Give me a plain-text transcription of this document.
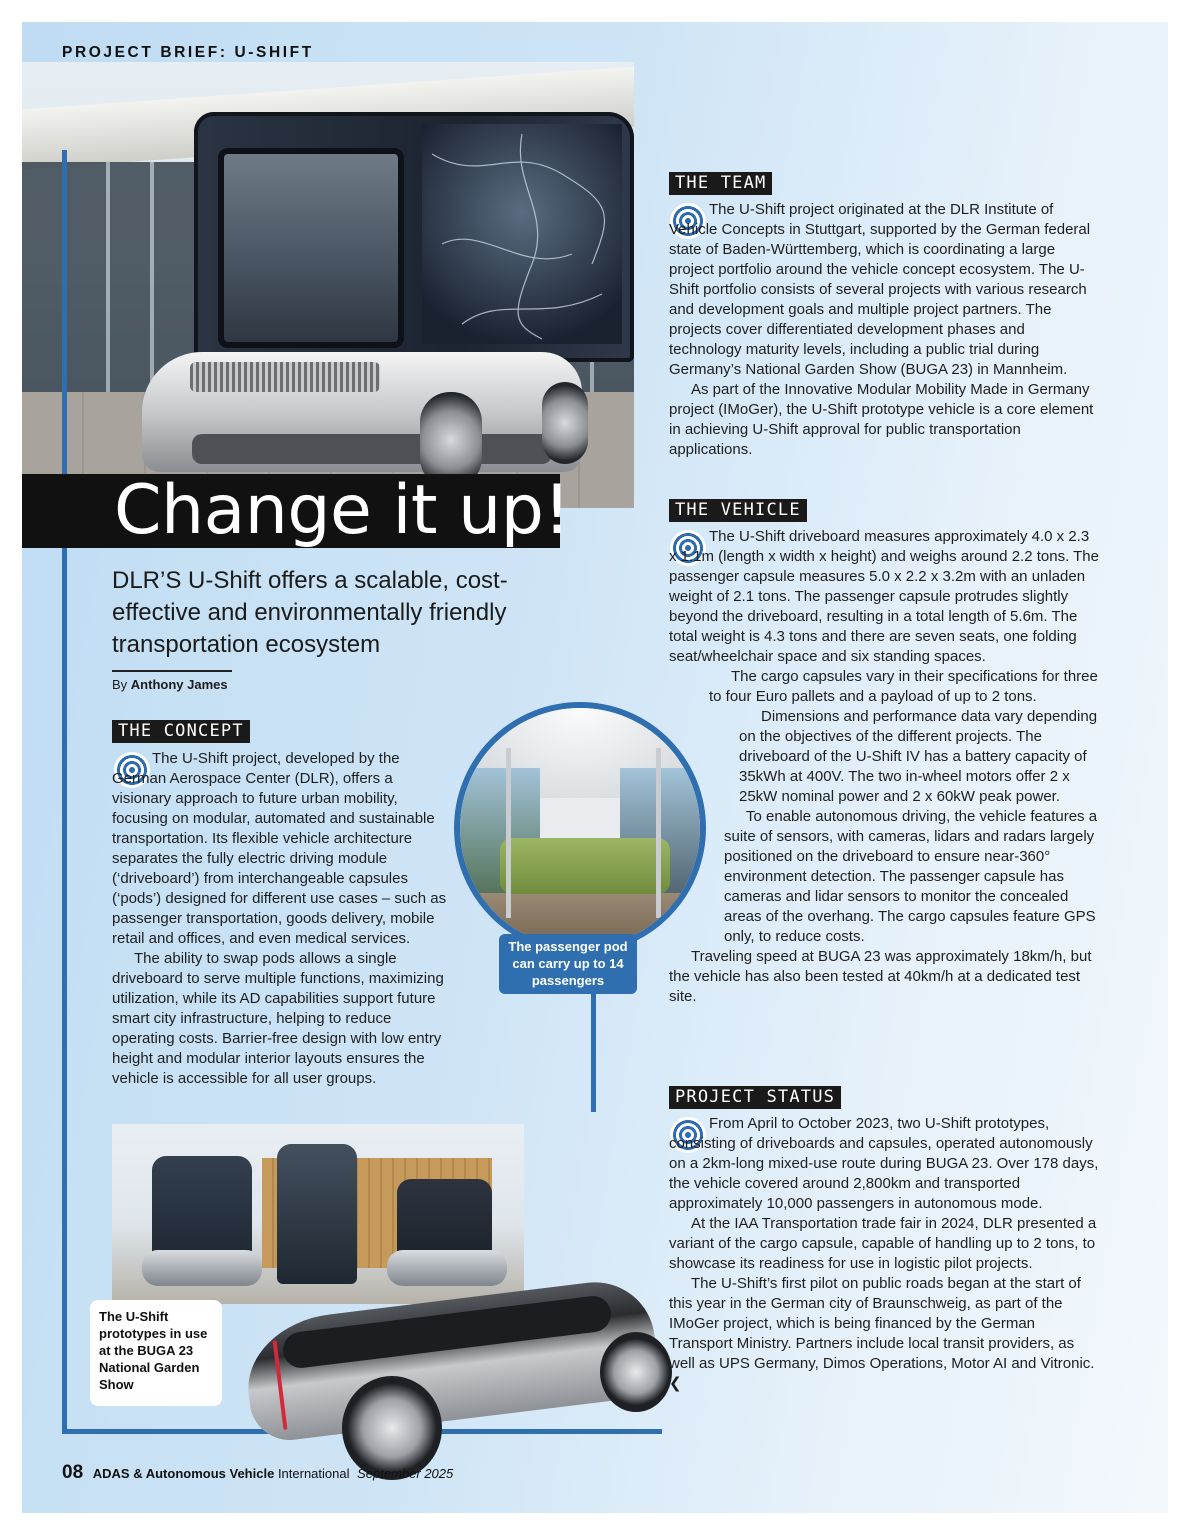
PROJECT BRIEF: U-SHIFT
Change it up!
DLR’S U-Shift offers a scalable, cost-effective and environmentally friendly transportation ecosystem
By Anthony James
THE CONCEPT

The U-Shift project, developed by the German Aerospace Center (DLR), offers a visionary approach to future urban mobility, focusing on modular, automated and sustainable transportation. Its flexible vehicle architecture separates the fully electric driving module (‘driveboard’) from interchangeable capsules (‘pods’) designed for different use cases – such as passenger transportation, goods delivery, mobile retail and offices, and even medical services.

The ability to swap pods allows a single driveboard to serve multiple functions, maximizing utilization, while its AD capabilities support future smart city infrastructure, helping to reduce operating costs. Barrier-free design with low entry height and modular interior layouts ensures the vehicle is accessible for all user groups.

The passenger pod can carry up to 14 passengers
The U-Shift prototypes in use at the BUGA 23 National Garden Show
THE TEAM

The U-Shift project originated at the DLR Institute of Vehicle Concepts in Stuttgart, supported by the German federal state of Baden-Württemberg, which is coordinating a large project portfolio around the vehicle concept ecosystem. The U-Shift portfolio consists of several projects with various research and development goals and multiple project partners. The projects cover differentiated development phases and technology maturity levels, including a public trial during Germany’s National Garden Show (BUGA 23) in Mannheim.

As part of the Innovative Modular Mobility Made in Germany project (IMoGer), the U-Shift prototype vehicle is a core element in achieving U-Shift approval for public transportation applications.

THE VEHICLE

The U-Shift driveboard measures approximately 4.0 x 2.3 x 1.1m (length x width x height) and weighs around 2.2 tons. The passenger capsule measures 5.0 x 2.2 x 3.2m with an unladen weight of 2.1 tons. The passenger capsule protrudes slightly beyond the driveboard, resulting in a total length of 5.6m. The total weight is 4.3 tons and there are seven seats, one folding seat/wheelchair space and six standing spaces.

The cargo capsules vary in their specifications for three to four Euro pallets and a payload of up to 2 tons.

Dimensions and performance data vary depending on the objectives of the different projects. The driveboard of the U-Shift IV has a battery capacity of 35kWh at 400V. The two in-wheel motors offer 2 x 25kW nominal power and 2 x 60kW peak power.

To enable autonomous driving, the vehicle features a suite of sensors, with cameras, lidars and radars largely positioned on the driveboard to ensure near-360° environment detection. The passenger capsule has cameras and lidar sensors to monitor the concealed areas of the overhang. The cargo capsules feature GPS only, to reduce costs.

Traveling speed at BUGA 23 was approximately 18km/h, but the vehicle has also been tested at 40km/h at a dedicated test site.

PROJECT STATUS

From April to October 2023, two U-Shift prototypes, consisting of driveboards and capsules, operated autonomously on a 2km-long mixed-use route during BUGA 23. Over 178 days, the vehicle covered around 2,800km and transported approximately 10,000 passengers in autonomous mode.

At the IAA Transportation trade fair in 2024, DLR presented a variant of the cargo capsule, capable of handling up to 2 tons, to showcase its readiness for use in logistic pilot projects.

The U-Shift’s first pilot on public roads began at the start of this year in the German city of Braunschweig, as part of the IMoGer project, which is being financed by the German Transport Ministry. Partners include local transit providers, as well as UPS Germany, Dimos Operations, Motor AI and Vitronic. ❮

08 ADAS & Autonomous Vehicle International September 2025
